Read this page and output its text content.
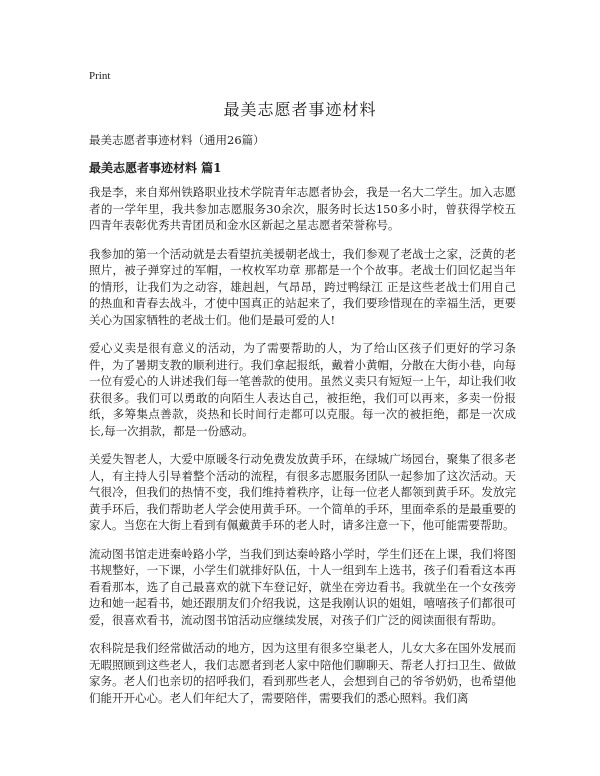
Print
最美志愿者事迹材料
最美志愿者事迹材料（通用26篇）
最美志愿者事迹材料 篇1

我是李，来自郑州铁路职业技术学院青年志愿者协会，我是一名大二学生。加入志愿者的一学年里，我共参加志愿服务30余次，服务时长达150多小时，曾获得学校五四青年表彰优秀共青团员和金水区新起之星志愿者荣誉称号。

我参加的第一个活动就是去看望抗美援朝老战士，我们参观了老战士之家，泛黄的老照片，被子弹穿过的军帽，一枚枚军功章 那都是一个个故事。老战士们回忆起当年的情形，让我们为之动容，雄赳赳，气昂昂，跨过鸭绿江 正是这些老战士们用自己的热血和青春去战斗，才使中国真正的站起来了，我们要珍惜现在的幸福生活，更要关心为国家牺牲的老战士们。他们是最可爱的人!

爱心义卖是很有意义的活动，为了需要帮助的人，为了给山区孩子们更好的学习条件，为了暑期支教的顺利进行。我们拿起报纸，戴着小黄帽，分散在大街小巷，向每一位有爱心的人讲述我们每一笔善款的使用。虽然义卖只有短短一上午，却让我们收获很多。我们可以勇敢的向陌生人表达自己，被拒绝，我们可以再来，多卖一份报纸，多筹集点善款，炎热和长时间行走都可以克服。每一次的被拒绝，都是一次成长,每一次捐款，都是一份感动。

关爱失智老人，大爱中原暖冬行动免费发放黄手环，在绿城广场园台，聚集了很多老人，有主持人引导着整个活动的流程，有很多志愿服务团队一起参加了这次活动。天气很冷，但我们的热情不变，我们维持着秩序，让每一位老人都领到黄手环。发放完黄手环后，我们帮助老人学会使用黄手环。一个简单的手环，里面牵系的是最重要的家人。当您在大街上看到有佩戴黄手环的老人时，请多注意一下，他可能需要帮助。

流动图书馆走进秦岭路小学，当我们到达秦岭路小学时，学生们还在上课，我们将图书规整好，一下课，小学生们就排好队伍，十人一组到车上选书，孩子们看看这本再看看那本，选了自己最喜欢的就下车登记好，就坐在旁边看书。我就坐在一个女孩旁边和她一起看书，她还跟朋友们介绍我说，这是我刚认识的姐姐，嘻嘻孩子们都很可爱，很喜欢看书，流动图书馆活动应继续发展，对孩子们广泛的阅读面很有帮助。

农科院是我们经常做活动的地方，因为这里有很多空巢老人，儿女大多在国外发展而无暇照顾到这些老人，我们志愿者到老人家中陪他们聊聊天、帮老人打扫卫生、做做家务。老人们也亲切的招呼我们，看到那些老人，会想到自己的爷爷奶奶，也希望他们能开开心心。老人们年纪大了，需要陪伴，需要我们的悉心照料。我们离
